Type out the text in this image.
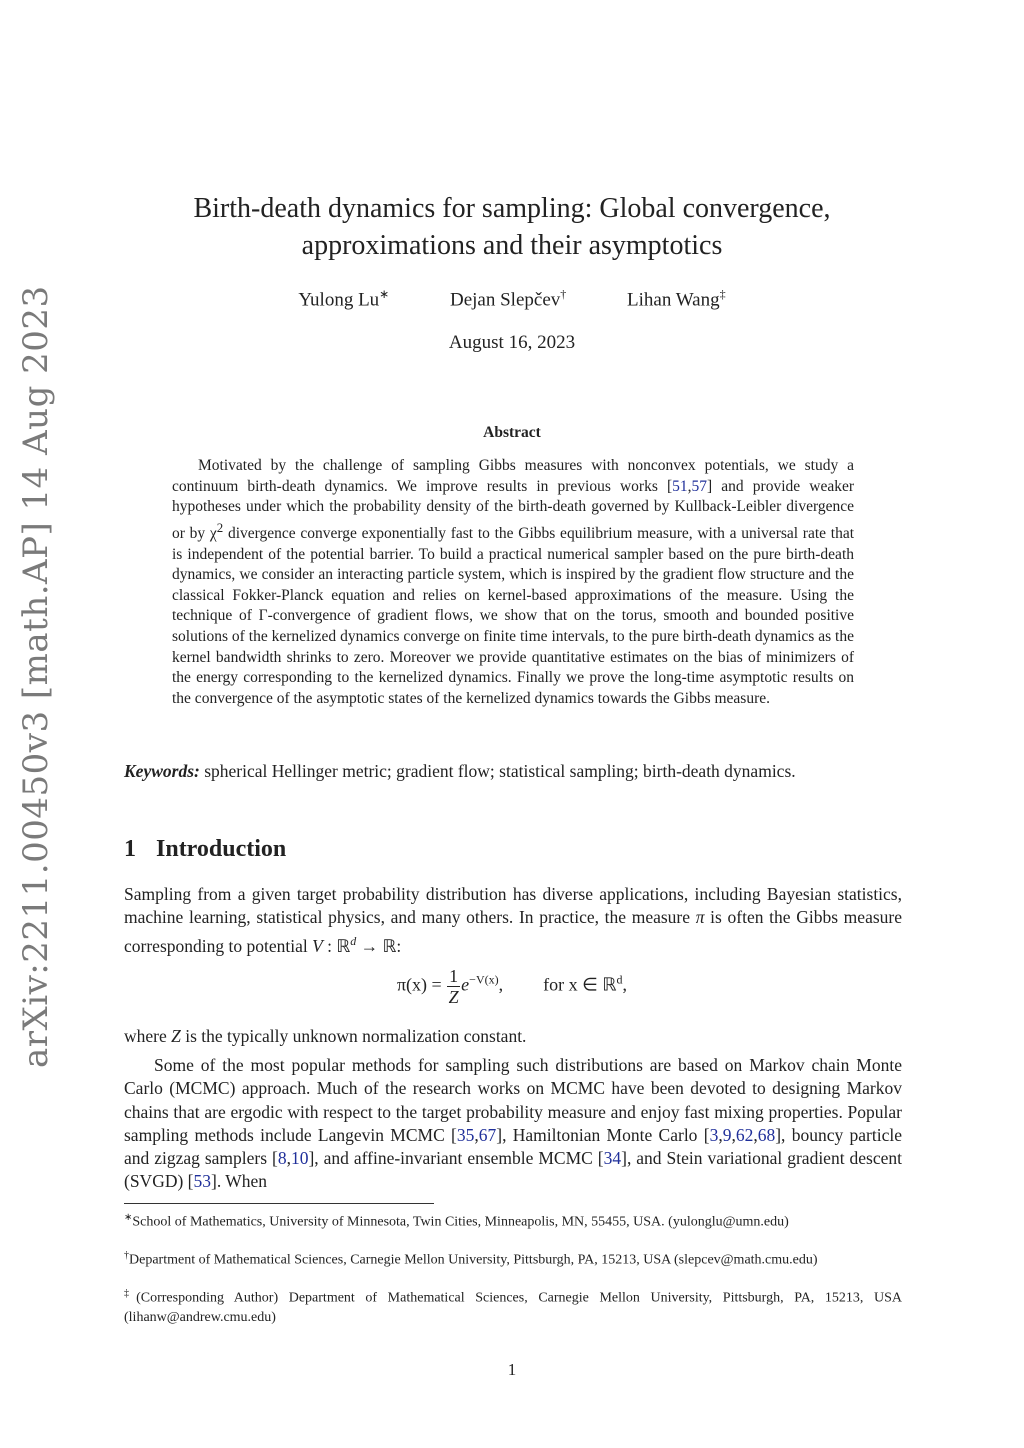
arXiv:2211.00450v3 [math.AP] 14 Aug 2023
Birth-death dynamics for sampling: Global convergence,
approximations and their asymptotics
Yulong Lu∗	Dejan Slepčev†	Lihan Wang‡
August 16, 2023
Abstract
Motivated by the challenge of sampling Gibbs measures with nonconvex potentials, we study a continuum birth-death dynamics. We improve results in previous works [51,57] and provide weaker hypotheses under which the probability density of the birth-death governed by Kullback-Leibler divergence or by $\chi^2$ divergence converge exponentially fast to the Gibbs equilibrium measure, with a universal rate that is independent of the potential barrier. To build a practical numerical sampler based on the pure birth-death dynamics, we consider an interacting particle system, which is inspired by the gradient flow structure and the classical Fokker-Planck equation and relies on kernel-based approximations of the measure. Using the technique of Γ-convergence of gradient flows, we show that on the torus, smooth and bounded positive solutions of the kernelized dynamics converge on finite time intervals, to the pure birth-death dynamics as the kernel bandwidth shrinks to zero. Moreover we provide quantitative estimates on the bias of minimizers of the energy corresponding to the kernelized dynamics. Finally we prove the long-time asymptotic results on the convergence of the asymptotic states of the kernelized dynamics towards the Gibbs measure.
Keywords: spherical Hellinger metric; gradient flow; statistical sampling; birth-death dynamics.
1 Introduction
Sampling from a given target probability distribution has diverse applications, including Bayesian statistics, machine learning, statistical physics, and many others. In practice, the measure π is often the Gibbs measure corresponding to potential V : ℝ$^d$ → ℝ:
$\pi(x) = \frac{1}{Z} e^{-V(x)}$, for x ∈ ℝ$^d$,
where Z is the typically unknown normalization constant.
Some of the most popular methods for sampling such distributions are based on Markov chain Monte Carlo (MCMC) approach. Much of the research works on MCMC have been devoted to designing Markov chains that are ergodic with respect to the target probability measure and enjoy fast mixing properties. Popular sampling methods include Langevin MCMC [35,67], Hamiltonian Monte Carlo [3,9,62,68], bouncy particle and zigzag samplers [8,10], and affine-invariant ensemble MCMC [34], and Stein variational gradient descent (SVGD) [53]. When
∗School of Mathematics, University of Minnesota, Twin Cities, Minneapolis, MN, 55455, USA. (yulonglu@umn.edu)
†Department of Mathematical Sciences, Carnegie Mellon University, Pittsburgh, PA, 15213, USA (slepcev@math.cmu.edu)
‡(Corresponding Author) Department of Mathematical Sciences, Carnegie Mellon University, Pittsburgh, PA, 15213, USA (lihanw@andrew.cmu.edu)
1
